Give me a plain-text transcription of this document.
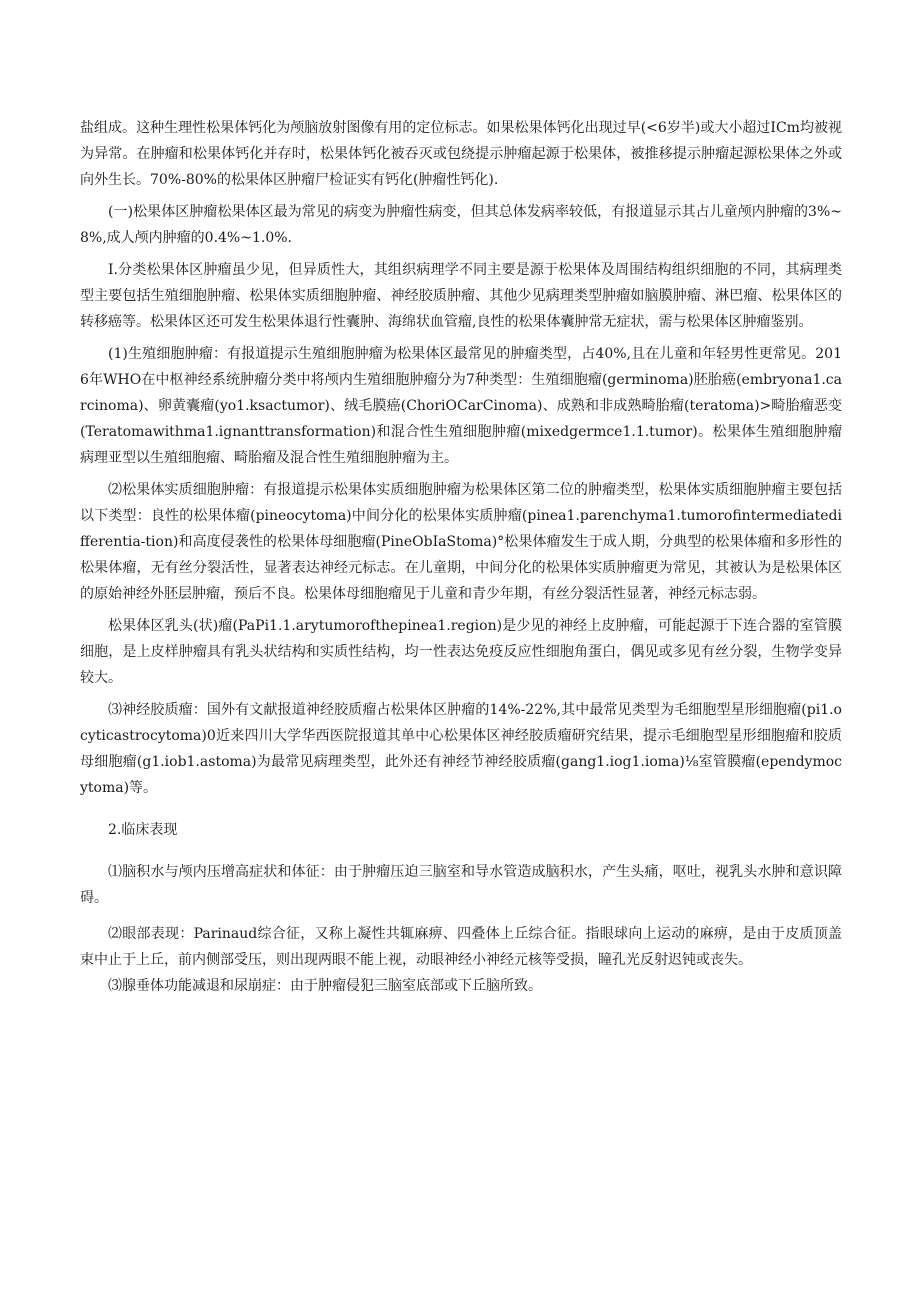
盐组成。这种生理性松果体钙化为颅脑放射图像有用的定位标志。如果松果体钙化出现过早(<6岁半)或大小超过ICm均被视为异常。在肿瘤和松果体钙化并存时，松果体钙化被吞灭或包绕提示肿瘤起源于松果体，被推移提示肿瘤起源松果体之外或向外生长。70%-80%的松果体区肿瘤尸检证实有钙化(肿瘤性钙化).

(一)松果体区肿瘤松果体区最为常见的病变为肿瘤性病变，但其总体发病率较低，有报道显示其占儿童颅内肿瘤的3%~8%,成人颅内肿瘤的0.4%~1.0%.

I.分类松果体区肿瘤虽少见，但异质性大，其组织病理学不同主要是源于松果体及周围结构组织细胞的不同，其病理类型主要包括生殖细胞肿瘤、松果体实质细胞肿瘤、神经胶质肿瘤、其他少见病理类型肿瘤如脑膜肿瘤、淋巴瘤、松果体区的转移癌等。松果体区还可发生松果体退行性囊肿、海绵状血管瘤,良性的松果体囊肿常无症状，需与松果体区肿瘤鉴别。

(1)生殖细胞肿瘤：有报道提示生殖细胞肿瘤为松果体区最常见的肿瘤类型，占40%,且在儿童和年轻男性更常见。2016年WHO在中枢神经系统肿瘤分类中将颅内生殖细胞肿瘤分为7种类型：生殖细胞瘤(germinoma)胚胎癌(embryona1.carcinoma)、卵黄囊瘤(yo1.ksactumor)、绒毛膜癌(ChoriOCarCinoma)、成熟和非成熟畸胎瘤(teratoma)>畸胎瘤恶变(Teratomawithma1.ignanttransformation)和混合性生殖细胞肿瘤(mixedgermce1.1.tumor)。松果体生殖细胞肿瘤病理亚型以生殖细胞瘤、畸胎瘤及混合性生殖细胞肿瘤为主。

⑵松果体实质细胞肿瘤：有报道提示松果体实质细胞肿瘤为松果体区第二位的肿瘤类型，松果体实质细胞肿瘤主要包括以下类型：良性的松果体瘤(pineocytoma)中间分化的松果体实质肿瘤(pinea1.parenchyma1.tumorofintermediatedifferentia-tion)和高度侵袭性的松果体母细胞瘤(PineObIaStoma)°松果体瘤发生于成人期，分典型的松果体瘤和多形性的松果体瘤，无有丝分裂活性，显著表达神经元标志。在儿童期，中间分化的松果体实质肿瘤更为常见，其被认为是松果体区的原始神经外胚层肿瘤，预后不良。松果体母细胞瘤见于儿童和青少年期，有丝分裂活性显著，神经元标志弱。

松果体区乳头(状)瘤(PaPi1.1.arytumorofthepinea1.region)是少见的神经上皮肿瘤，可能起源于下连合器的室管膜细胞，是上皮样肿瘤具有乳头状结构和实质性结构，均一性表达免疫反应性细胞角蛋白，偶见或多见有丝分裂，生物学变异较大。

⑶神经胶质瘤：国外有文献报道神经胶质瘤占松果体区肿瘤的14%-22%,其中最常见类型为毛细胞型星形细胞瘤(pi1.ocyticastrocytoma)0近来四川大学华西医院报道其单中心松果体区神经胶质瘤研究结果，提示毛细胞型星形细胞瘤和胶质母细胞瘤(g1.iob1.astoma)为最常见病理类型，此外还有神经节神经胶质瘤(gang1.iog1.ioma)⅛室管膜瘤(ependymocytoma)等。

2.临床表现

⑴脑积水与颅内压增高症状和体征：由于肿瘤压迫三脑室和导水管造成脑积水，产生头痛，呕吐，视乳头水肿和意识障碍。

⑵眼部表现：Parinaud综合征，又称上凝性共辄麻痹、四叠体上丘综合征。指眼球向上运动的麻痹，是由于皮质顶盖束中止于上丘，前内侧部受压，则出现两眼不能上视，动眼神经小神经元核等受损，瞳孔光反射迟钝或丧失。

⑶腺垂体功能减退和尿崩症：由于肿瘤侵犯三脑室底部或下丘脑所致。
